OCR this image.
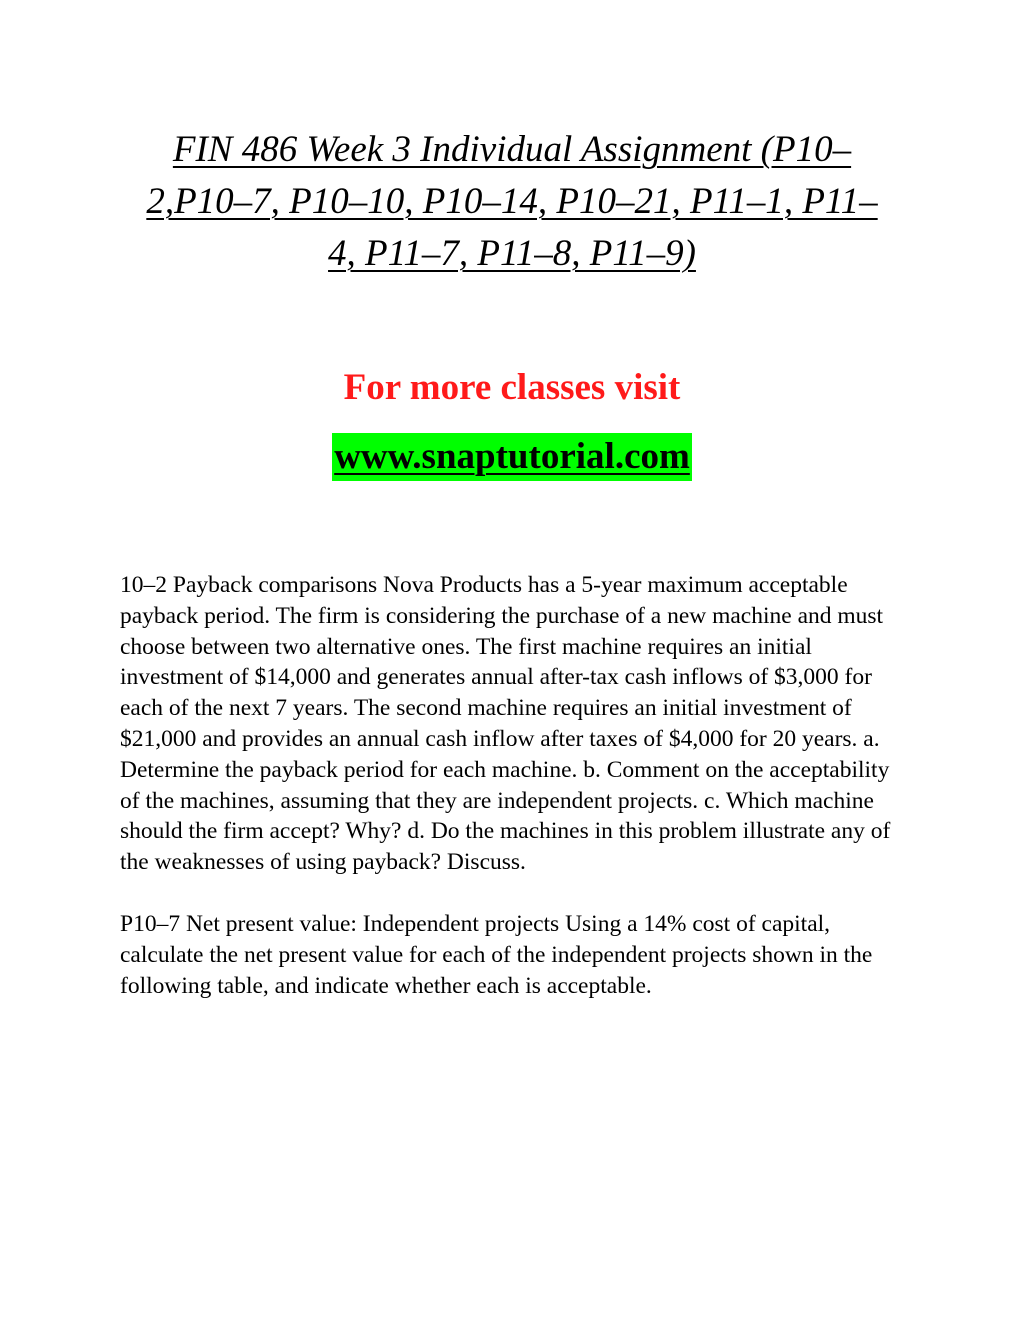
FIN 486 Week 3 Individual Assignment (P10–
2,P10–7, P10–10, P10–14, P10–21, P11–1, P11–
4, P11–7, P11–8, P11–9)
For more classes visit
www.snaptutorial.com

10–2 Payback comparisons Nova Products has a 5-year maximum acceptable payback period. The firm is considering the purchase of a new machine and must choose between two alternative ones. The first machine requires an initial investment of $14,000 and generates annual after-tax cash inflows of $3,000 for each of the next 7 years. The second machine requires an initial investment of $21,000 and provides an annual cash inflow after taxes of $4,000 for 20 years. a. Determine the payback period for each machine. b. Comment on the acceptability of the machines, assuming that they are independent projects. c. Which machine should the firm accept? Why? d. Do the machines in this problem illustrate any of the weaknesses of using payback? Discuss.

P10–7 Net present value: Independent projects Using a 14% cost of capital, calculate the net present value for each of the independent projects shown in the following table, and indicate whether each is acceptable.
